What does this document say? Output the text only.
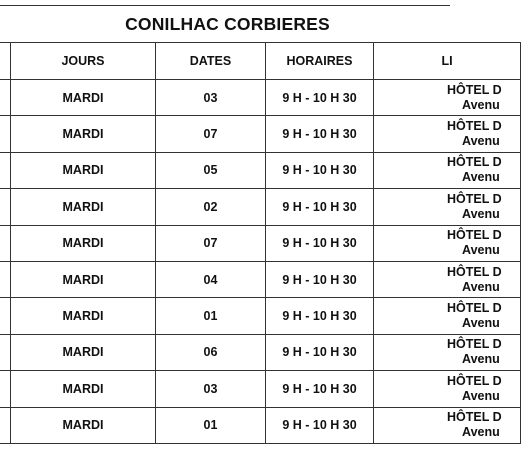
CONILHAC CORBIERES
	JOURS	DATES	HORAIRES	LI
	MARDI	03	9 H - 10 H 30	HÔTEL D
Avenu

	MARDI	07	9 H - 10 H 30	HÔTEL D
Avenu

	MARDI	05	9 H - 10 H 30	HÔTEL D
Avenu

	MARDI	02	9 H - 10 H 30	HÔTEL D
Avenu

	MARDI	07	9 H - 10 H 30	HÔTEL D
Avenu

	MARDI	04	9 H - 10 H 30	HÔTEL D
Avenu

	MARDI	01	9 H - 10 H 30	HÔTEL D
Avenu

	MARDI	06	9 H - 10 H 30	HÔTEL D
Avenu

	MARDI	03	9 H - 10 H 30	HÔTEL D
Avenu

	MARDI	01	9 H - 10 H 30	HÔTEL D
Avenu
